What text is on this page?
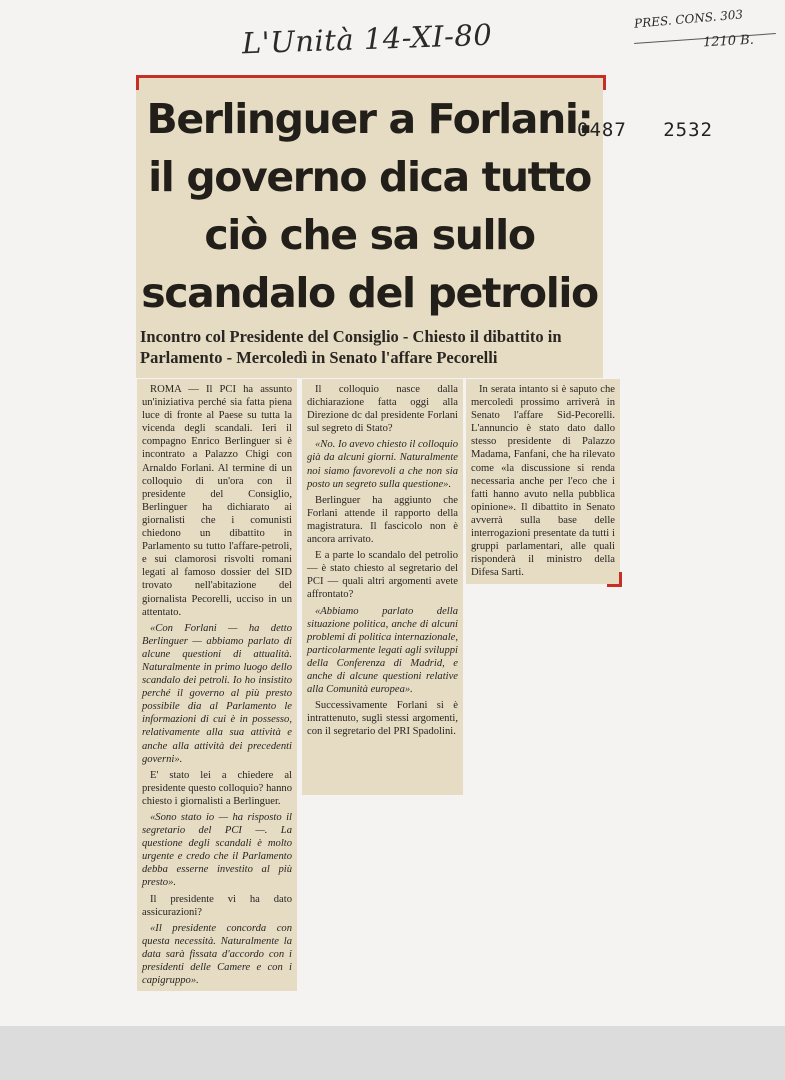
L'Unità 14-XI-80	PRES. CONS. 303
1210 B.
Berlinguer a Forlani:
il governo dica tutto
ciò che sa sullo
scandalo del petrolio
Incontro col Presidente del Consiglio - Chiesto il dibattito in Parlamento - Mercoledì in Senato l'affare Pecorelli
0487 2532

ROMA — Il PCI ha assunto un'iniziativa perché sia fatta piena luce di fronte al Paese su tutta la vicenda degli scandali. Ieri il compagno Enrico Berlinguer si è incontrato a Palazzo Chigi con Arnaldo Forlani. Al termine di un colloquio di un'ora con il presidente del Consiglio, Berlinguer ha dichiarato ai giornalisti che i comunisti chiedono un dibattito in Parlamento su tutto l'affare-petroli, e sui clamorosi risvolti romani legati al famoso dossier del SID trovato nell'abitazione del giornalista Pecorelli, ucciso in un attentato.

«Con Forlani — ha detto Berlinguer — abbiamo parlato di alcune questioni di attualità. Naturalmente in primo luogo dello scandalo dei petroli. Io ho insistito perché il governo al più presto possibile dia al Parlamento le informazioni di cui è in possesso, relativamente alla sua attività e anche alla attività dei precedenti governi».

E' stato lei a chiedere al presidente questo colloquio? hanno chiesto i giornalisti a Berlinguer.

«Sono stato io — ha risposto il segretario del PCI —. La questione degli scandali è molto urgente e credo che il Parlamento debba esserne investito al più presto».

Il presidente vi ha dato assicurazioni?

«Il presidente concorda con questa necessità. Naturalmente la data sarà fissata d'accordo con i presidenti delle Camere e con i capigruppo».

Il colloquio nasce dalla dichiarazione fatta oggi alla Direzione dc dal presidente Forlani sul segreto di Stato?

«No. Io avevo chiesto il colloquio già da alcuni giorni. Naturalmente noi siamo favorevoli a che non sia posto un segreto sulla questione».

Berlinguer ha aggiunto che Forlani attende il rapporto della magistratura. Il fascicolo non è ancora arrivato.

E a parte lo scandalo del petrolio — è stato chiesto al segretario del PCI — quali altri argomenti avete affrontato?

«Abbiamo parlato della situazione politica, anche di alcuni problemi di politica internazionale, particolarmente legati agli sviluppi della Conferenza di Madrid, e anche di alcune questioni relative alla Comunità europea».

Successivamente Forlani si è intrattenuto, sugli stessi argomenti, con il segretario del PRI Spadolini.

In serata intanto si è saputo che mercoledì prossimo arriverà in Senato l'affare Sid-Pecorelli. L'annuncio è stato dato dallo stesso presidente di Palazzo Madama, Fanfani, che ha rilevato come «la discussione si renda necessaria anche per l'eco che i fatti hanno avuto nella pubblica opinione». Il dibattito in Senato avverrà sulla base delle interrogazioni presentate da tutti i gruppi parlamentari, alle quali risponderà il ministro della Difesa Sarti.
